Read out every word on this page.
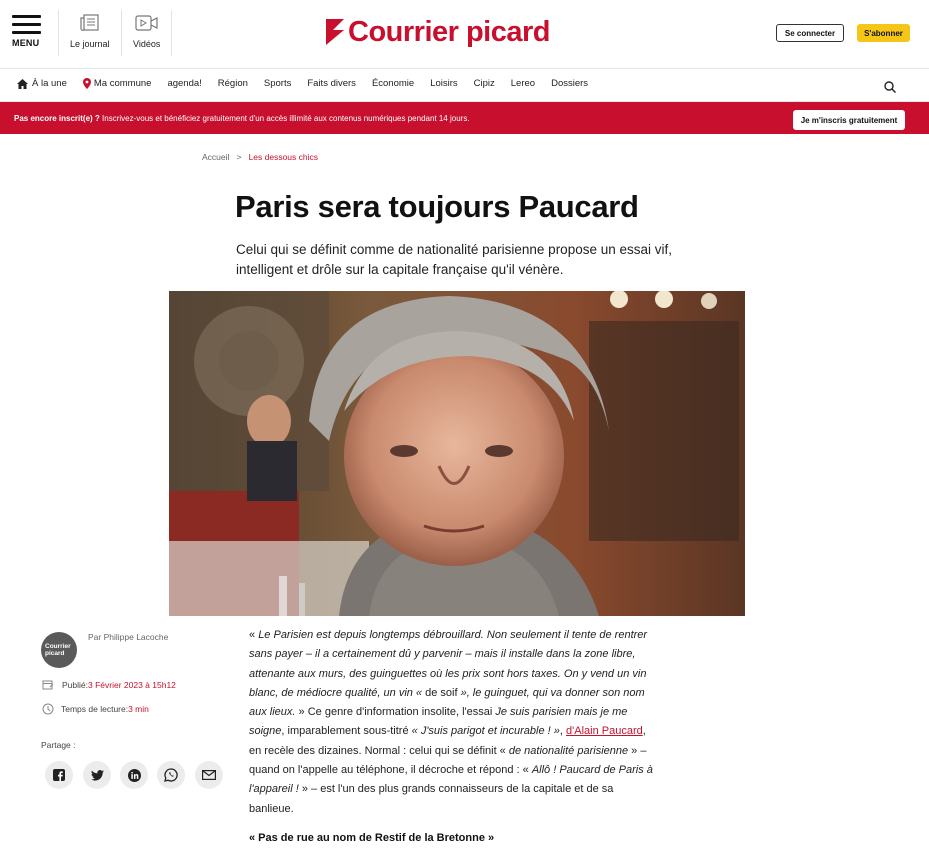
MENU	Le journal	Vidéos	Courrier picard	Se connecter	S'abonner
À la une	Ma commune agenda! Région Sports Faits divers Économie Loisirs Cipiz Lereo Dossiers
Pas encore inscrit(e) ? Inscrivez-vous et bénéficiez gratuitement d'un accès illimité aux contenus numériques pendant 14 jours.	Je m'inscris gratuitement
Accueil > Les dessous chics
Paris sera toujours Paucard

Celui qui se définit comme de nationalité parisienne propose un essai vif, intelligent et drôle sur la capitale française qu'il vénère.

Courrier
picard
Par Philippe Lacoche
Publié: 3 Février 2023 à 15h12
Temps de lecture: 3 min
Partage :

« Le Parisien est depuis longtemps débrouillard. Non seulement il tente de rentrer sans payer – il a certainement dû y parvenir – mais il installe dans la zone libre, attenante aux murs, des guinguettes où les prix sont hors taxes. On y vend un vin blanc, de médiocre qualité, un vin « de soif », le guinguet, qui va donner son nom aux lieux. » Ce genre d'information insolite, l'essai Je suis parisien mais je me soigne, imparablement sous-titré « J'suis parigot et incurable ! », d'Alain Paucard, en recèle des dizaines. Normal : celui qui se définit « de nationalité parisienne » – quand on l'appelle au téléphone, il décroche et répond : « Allô ! Paucard de Paris à l'appareil ! » – est l'un des plus grands connaisseurs de la capitale et de sa banlieue.

« Pas de rue au nom de Restif de la Bretonne »
